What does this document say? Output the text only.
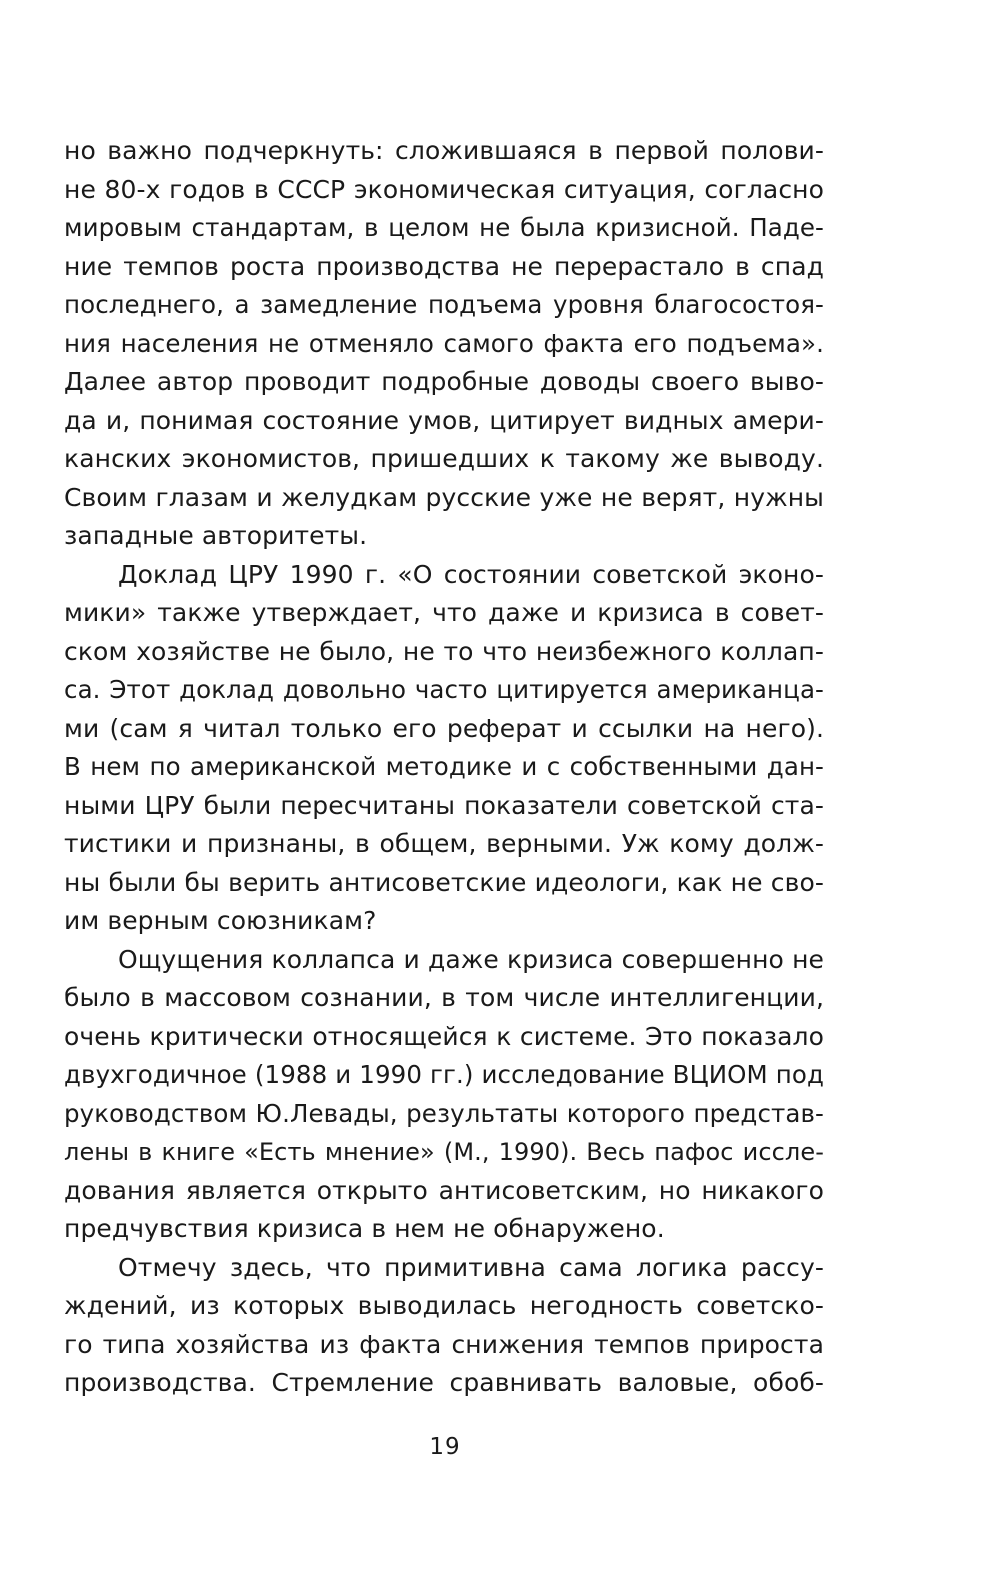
но важно подчеркнуть: сложившаяся в первой полови-
не 80-х годов в СССР экономическая ситуация, согласно
мировым стандартам, в целом не была кризисной. Паде-
ние темпов роста производства не перерастало в спад
последнего, а замедление подъема уровня благосостоя-
ния населения не отменяло самого факта его подъема».
Далее автор проводит подробные доводы своего выво-
да и, понимая состояние умов, цитирует видных амери-
канских экономистов, пришедших к такому же выводу.
Своим глазам и желудкам русские уже не верят, нужны
западные авторитеты.
Доклад ЦРУ 1990 г. «О состоянии советской эконо-
мики» также утверждает, что даже и кризиса в совет-
ском хозяйстве не было, не то что неизбежного коллап-
са. Этот доклад довольно часто цитируется американца-
ми (сам я читал только его реферат и ссылки на него).
В нем по американской методике и с собственными дан-
ными ЦРУ были пересчитаны показатели советской ста-
тистики и признаны, в общем, верными. Уж кому долж-
ны были бы верить антисоветские идеологи, как не сво-
им верным союзникам?
Ощущения коллапса и даже кризиса совершенно не
было в массовом сознании, в том числе интеллигенции,
очень критически относящейся к системе. Это показало
двухгодичное (1988 и 1990 гг.) исследование ВЦИОМ под
руководством Ю.Левады, результаты которого представ-
лены в книге «Есть мнение» (М., 1990). Весь пафос иссле-
дования является открыто антисоветским, но никакого
предчувствия кризиса в нем не обнаружено.
Отмечу здесь, что примитивна сама логика рассу-
ждений, из которых выводилась негодность советско-
го типа хозяйства из факта снижения темпов прироста
производства. Стремление сравнивать валовые, обоб-
19
